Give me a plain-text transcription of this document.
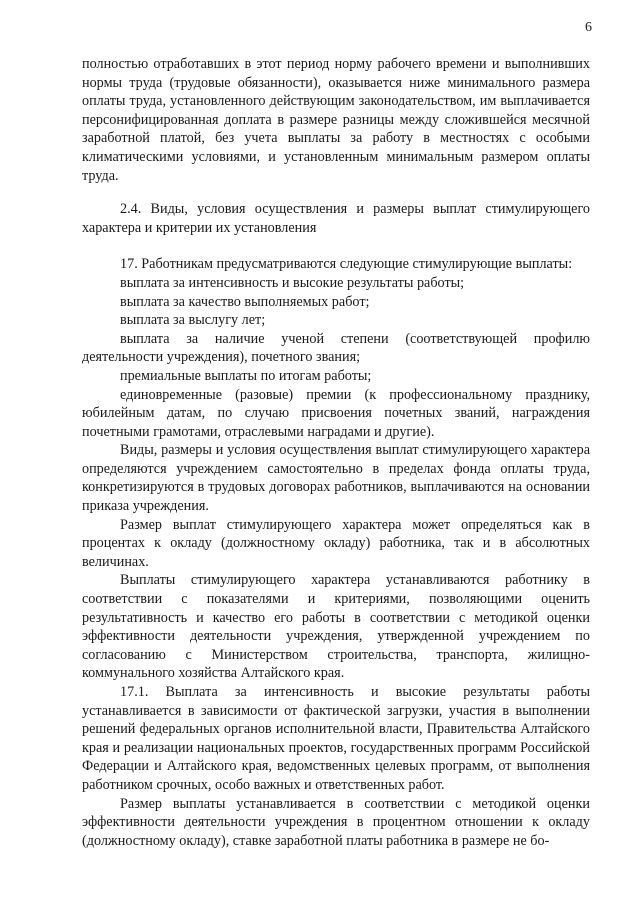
6

полностью отработавших в этот период норму рабочего времени и выполнивших нормы труда (трудовые обязанности), оказывается ниже минимального размера оплаты труда, установленного действующим законодательством, им выплачивается персонифицированная доплата в размере разницы между сложившейся месячной заработной платой, без учета выплаты за работу в местностях с особыми климатическими условиями, и установленным минимальным размером оплаты труда.

2.4. Виды, условия осуществления и размеры выплат стимулирующего характера и критерии их установления

17. Работникам предусматриваются следующие стимулирующие выплаты:

выплата за интенсивность и высокие результаты работы;

выплата за качество выполняемых работ;

выплата за выслугу лет;

выплата за наличие ученой степени (соответствующей профилю деятельности учреждения), почетного звания;

премиальные выплаты по итогам работы;

единовременные (разовые) премии (к профессиональному празднику, юбилейным датам, по случаю присвоения почетных званий, награждения почетными грамотами, отраслевыми наградами и другие).

Виды, размеры и условия осуществления выплат стимулирующего характера определяются учреждением самостоятельно в пределах фонда оплаты труда, конкретизируются в трудовых договорах работников, выплачиваются на основании приказа учреждения.

Размер выплат стимулирующего характера может определяться как в процентах к окладу (должностному окладу) работника, так и в абсолютных величинах.

Выплаты стимулирующего характера устанавливаются работнику в соответствии с показателями и критериями, позволяющими оценить результативность и качество его работы в соответствии с методикой оценки эффективности деятельности учреждения, утвержденной учреждением по согласованию с Министерством строительства, транспорта, жилищно-коммунального хозяйства Алтайского края.

17.1. Выплата за интенсивность и высокие результаты работы устанавливается в зависимости от фактической загрузки, участия в выполнении решений федеральных органов исполнительной власти, Правительства Алтайского края и реализации национальных проектов, государственных программ Российской Федерации и Алтайского края, ведомственных целевых программ, от выполнения работником срочных, особо важных и ответственных работ.

Размер выплаты устанавливается в соответствии с методикой оценки эффективности деятельности учреждения в процентном отношении к окладу (должностному окладу), ставке заработной платы работника в размере не бо-
